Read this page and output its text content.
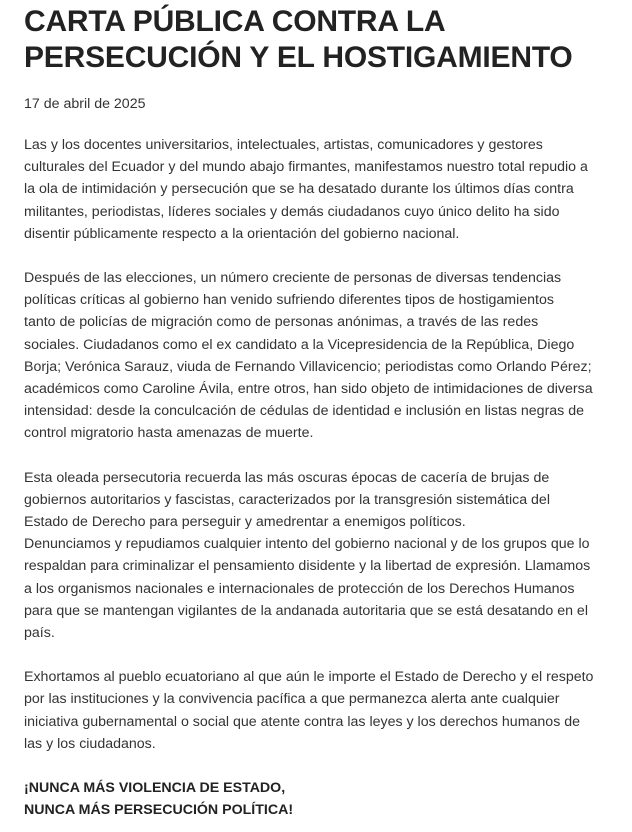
CARTA PÚBLICA CONTRA LA
PERSECUCIÓN Y EL HOSTIGAMIENTO
17 de abril de 2025

Las y los docentes universitarios, intelectuales, artistas, comunicadores y gestores
culturales del Ecuador y del mundo abajo firmantes, manifestamos nuestro total repudio a
la ola de intimidación y persecución que se ha desatado durante los últimos días contra
militantes, periodistas, líderes sociales y demás ciudadanos cuyo único delito ha sido
disentir públicamente respecto a la orientación del gobierno nacional.

Después de las elecciones, un número creciente de personas de diversas tendencias
políticas críticas al gobierno han venido sufriendo diferentes tipos de hostigamientos
tanto de policías de migración como de personas anónimas, a través de las redes
sociales. Ciudadanos como el ex candidato a la Vicepresidencia de la República, Diego
Borja; Verónica Sarauz, viuda de Fernando Villavicencio; periodistas como Orlando Pérez;
académicos como Caroline Ávila, entre otros, han sido objeto de intimidaciones de diversa
intensidad: desde la conculcación de cédulas de identidad e inclusión en listas negras de
control migratorio hasta amenazas de muerte.

Esta oleada persecutoria recuerda las más oscuras épocas de cacería de brujas de
gobiernos autoritarios y fascistas, caracterizados por la transgresión sistemática del
Estado de Derecho para perseguir y amedrentar a enemigos políticos.
Denunciamos y repudiamos cualquier intento del gobierno nacional y de los grupos que lo
respaldan para criminalizar el pensamiento disidente y la libertad de expresión. Llamamos
a los organismos nacionales e internacionales de protección de los Derechos Humanos
para que se mantengan vigilantes de la andanada autoritaria que se está desatando en el
país.

Exhortamos al pueblo ecuatoriano al que aún le importe el Estado de Derecho y el respeto
por las instituciones y la convivencia pacífica a que permanezca alerta ante cualquier
iniciativa gubernamental o social que atente contra las leyes y los derechos humanos de
las y los ciudadanos.

¡NUNCA MÁS VIOLENCIA DE ESTADO,
NUNCA MÁS PERSECUCIÓN POLÍTICA!
